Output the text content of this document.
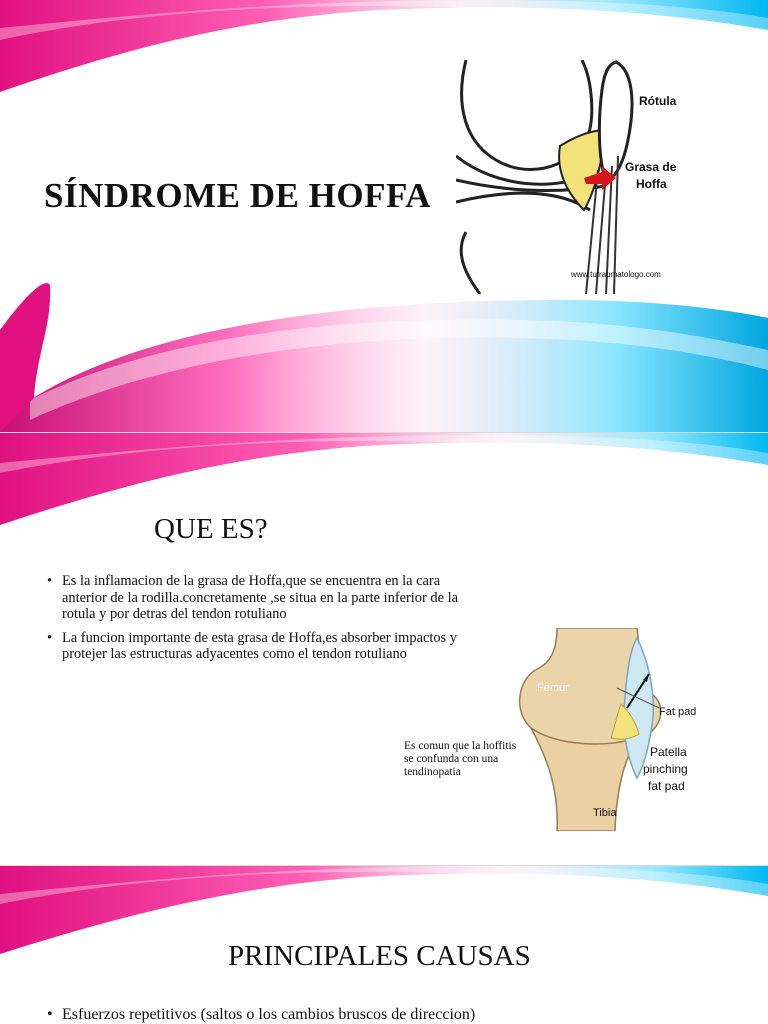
SÍNDROME DE HOFFA
Rótula
Grasa de
Hoffa
www.tutraumatologo.com
QUE ES?
• Es la inflamacion de la grasa de Hoffa,que se encuentra en la cara anterior de la rodilla.concretamente ,se situa en la parte inferior de la rotula y por detras del tendon rotuliano
• La funcion importante de esta grasa de Hoffa,es absorber impactos y protejer las estructuras adyacentes como el tendon rotuliano
Es comun que la hoffitis se confunda con una tendinopatia
Femur
Fat pad
Patella
pinching
fat pad
Tibia
PRINCIPALES CAUSAS
• Esfuerzos repetitivos (saltos o los cambios bruscos de direccion)
